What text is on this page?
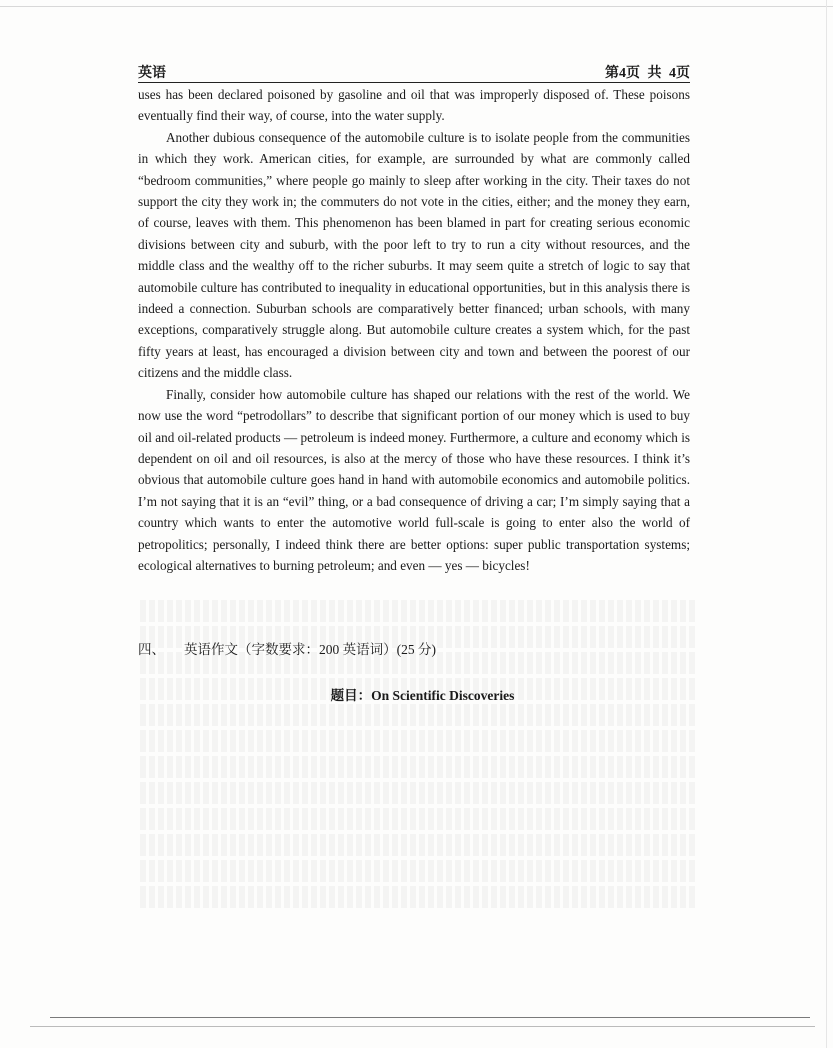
英语	第4页 共 4页

uses has been declared poisoned by gasoline and oil that was improperly disposed of. These poisons eventually find their way, of course, into the water supply.

Another dubious consequence of the automobile culture is to isolate people from the communities in which they work. American cities, for example, are surrounded by what are commonly called “bedroom communities,” where people go mainly to sleep after working in the city. Their taxes do not support the city they work in; the commuters do not vote in the cities, either; and the money they earn, of course, leaves with them. This phenomenon has been blamed in part for creating serious economic divisions between city and suburb, with the poor left to try to run a city without resources, and the middle class and the wealthy off to the richer suburbs. It may seem quite a stretch of logic to say that automobile culture has contributed to inequality in educational opportunities, but in this analysis there is indeed a connection. Suburban schools are comparatively better financed; urban schools, with many exceptions, comparatively struggle along. But automobile culture creates a system which, for the past fifty years at least, has encouraged a division between city and town and between the poorest of our citizens and the middle class.

Finally, consider how automobile culture has shaped our relations with the rest of the world. We now use the word “petrodollars” to describe that significant portion of our money which is used to buy oil and oil-related products — petroleum is indeed money. Furthermore, a culture and economy which is dependent on oil and oil resources, is also at the mercy of those who have these resources. I think it’s obvious that automobile culture goes hand in hand with automobile economics and automobile politics. I’m not saying that it is an “evil” thing, or a bad consequence of driving a car; I’m simply saying that a country which wants to enter the automotive world full-scale is going to enter also the world of petropolitics; personally, I indeed think there are better options: super public transportation systems; ecological alternatives to burning petroleum; and even — yes — bicycles!

四、 英语作文（字数要求：200 英语词）(25 分)
题目：On Scientific Discoveries
